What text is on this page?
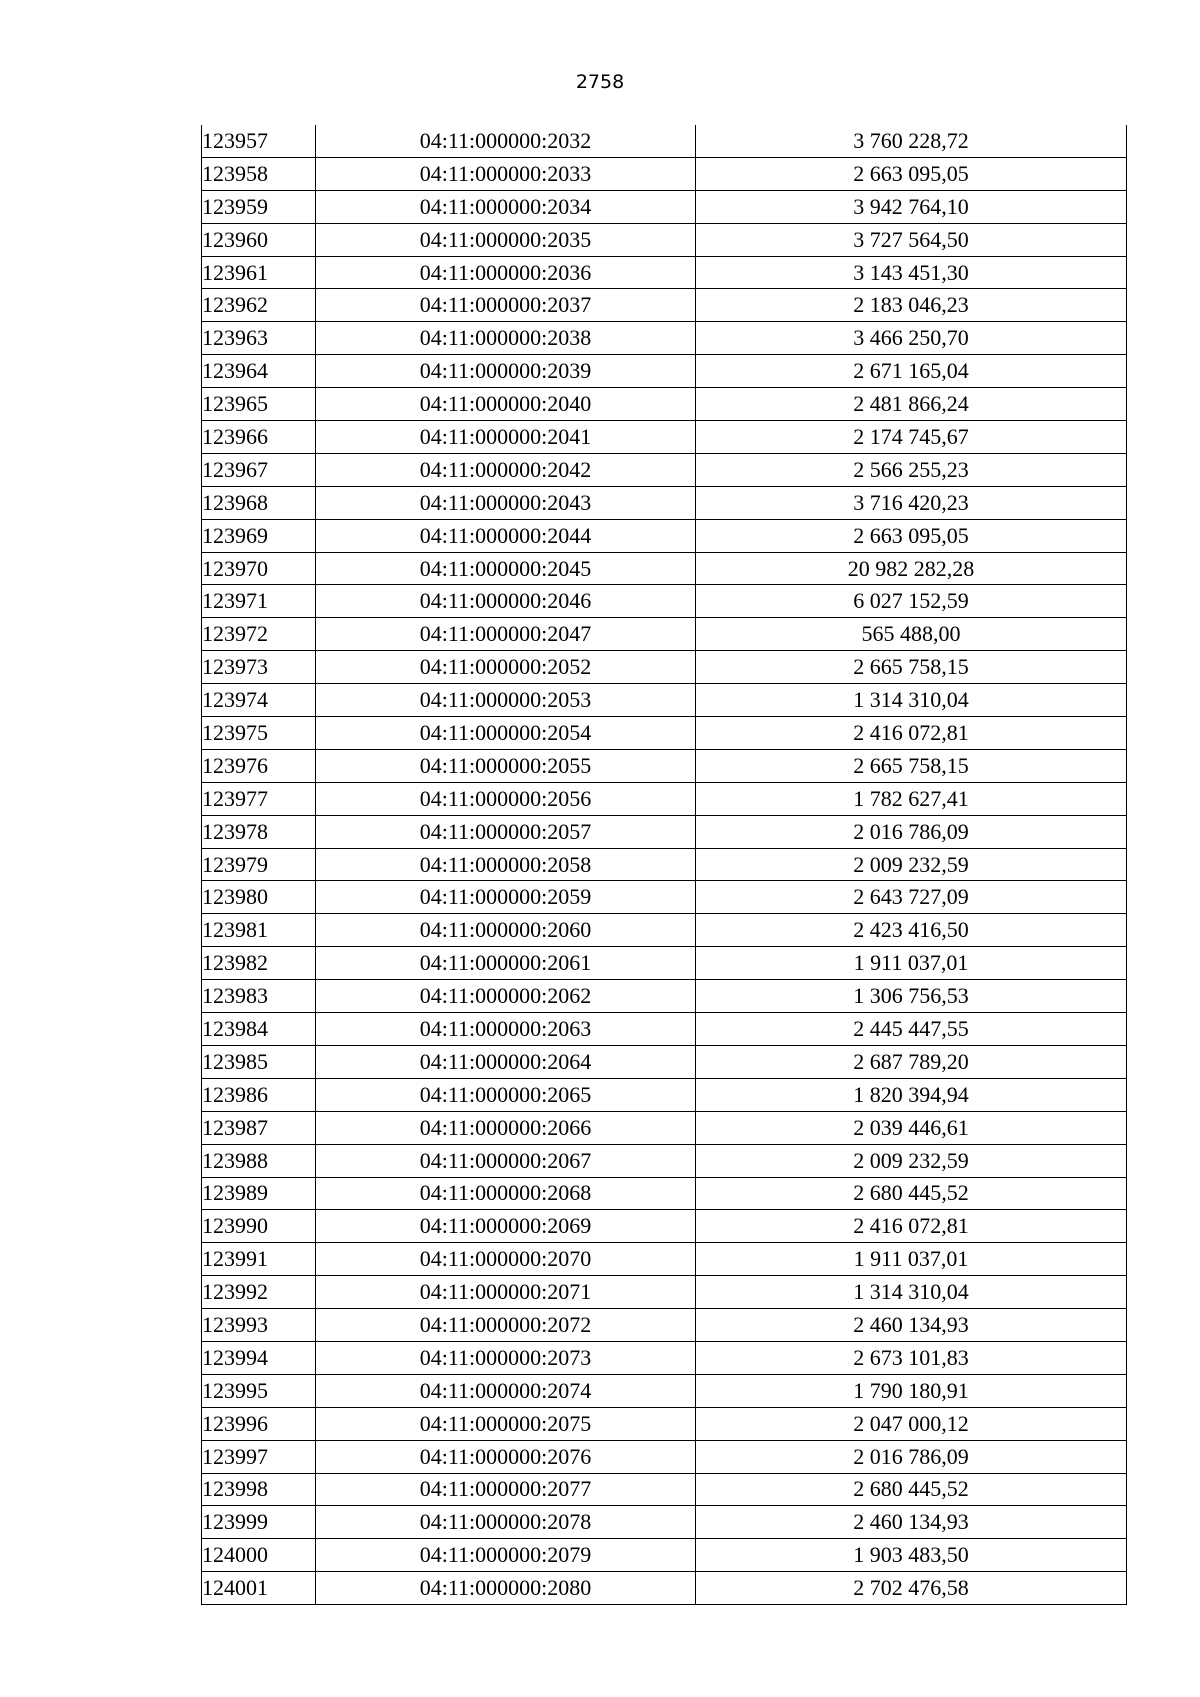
2758
123957	04:11:000000:2032	3 760 228,72
123958	04:11:000000:2033	2 663 095,05
123959	04:11:000000:2034	3 942 764,10
123960	04:11:000000:2035	3 727 564,50
123961	04:11:000000:2036	3 143 451,30
123962	04:11:000000:2037	2 183 046,23
123963	04:11:000000:2038	3 466 250,70
123964	04:11:000000:2039	2 671 165,04
123965	04:11:000000:2040	2 481 866,24
123966	04:11:000000:2041	2 174 745,67
123967	04:11:000000:2042	2 566 255,23
123968	04:11:000000:2043	3 716 420,23
123969	04:11:000000:2044	2 663 095,05
123970	04:11:000000:2045	20 982 282,28
123971	04:11:000000:2046	6 027 152,59
123972	04:11:000000:2047	565 488,00
123973	04:11:000000:2052	2 665 758,15
123974	04:11:000000:2053	1 314 310,04
123975	04:11:000000:2054	2 416 072,81
123976	04:11:000000:2055	2 665 758,15
123977	04:11:000000:2056	1 782 627,41
123978	04:11:000000:2057	2 016 786,09
123979	04:11:000000:2058	2 009 232,59
123980	04:11:000000:2059	2 643 727,09
123981	04:11:000000:2060	2 423 416,50
123982	04:11:000000:2061	1 911 037,01
123983	04:11:000000:2062	1 306 756,53
123984	04:11:000000:2063	2 445 447,55
123985	04:11:000000:2064	2 687 789,20
123986	04:11:000000:2065	1 820 394,94
123987	04:11:000000:2066	2 039 446,61
123988	04:11:000000:2067	2 009 232,59
123989	04:11:000000:2068	2 680 445,52
123990	04:11:000000:2069	2 416 072,81
123991	04:11:000000:2070	1 911 037,01
123992	04:11:000000:2071	1 314 310,04
123993	04:11:000000:2072	2 460 134,93
123994	04:11:000000:2073	2 673 101,83
123995	04:11:000000:2074	1 790 180,91
123996	04:11:000000:2075	2 047 000,12
123997	04:11:000000:2076	2 016 786,09
123998	04:11:000000:2077	2 680 445,52
123999	04:11:000000:2078	2 460 134,93
124000	04:11:000000:2079	1 903 483,50
124001	04:11:000000:2080	2 702 476,58
